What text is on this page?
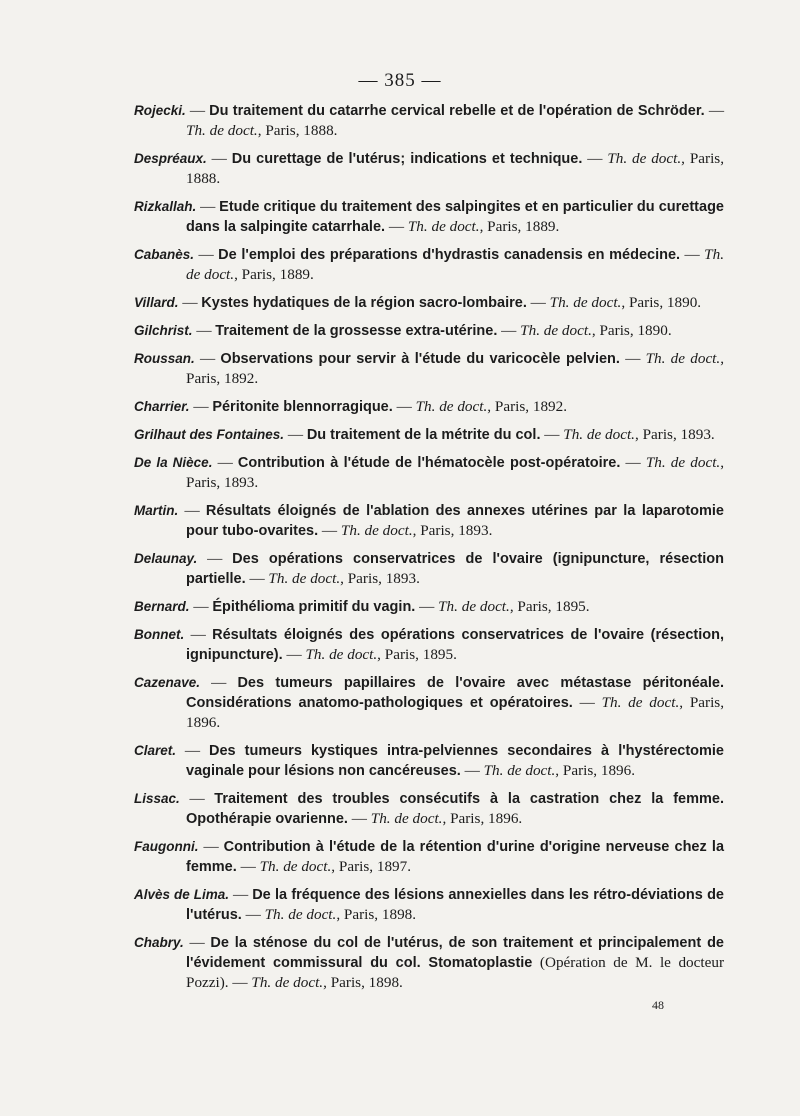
— 385 —
Rojecki. — Du traitement du catarrhe cervical rebelle et de l'opération de Schröder. — Th. de doct., Paris, 1888.
Despréaux. — Du curettage de l'utérus; indications et technique. — Th. de doct., Paris, 1888.
Rizkallah. — Etude critique du traitement des salpingites et en particulier du curettage dans la salpingite catarrhale. — Th. de doct., Paris, 1889.
Cabanès. — De l'emploi des préparations d'hydrastis canadensis en médecine. — Th. de doct., Paris, 1889.
Villard. — Kystes hydatiques de la région sacro-lombaire. — Th. de doct., Paris, 1890.
Gilchrist. — Traitement de la grossesse extra-utérine. — Th. de doct., Paris, 1890.
Roussan. — Observations pour servir à l'étude du varicocèle pelvien. — Th. de doct., Paris, 1892.
Charrier. — Péritonite blennorragique. — Th. de doct., Paris, 1892.
Grilhaut des Fontaines. — Du traitement de la métrite du col. — Th. de doct., Paris, 1893.
De la Nièce. — Contribution à l'étude de l'hématocèle post-opératoire. — Th. de doct., Paris, 1893.
Martin. — Résultats éloignés de l'ablation des annexes utérines par la laparotomie pour tubo-ovarites. — Th. de doct., Paris, 1893.
Delaunay. — Des opérations conservatrices de l'ovaire (ignipuncture, résection partielle. — Th. de doct., Paris, 1893.
Bernard. — Épithélioma primitif du vagin. — Th. de doct., Paris, 1895.
Bonnet. — Résultats éloignés des opérations conservatrices de l'ovaire (résection, ignipuncture). — Th. de doct., Paris, 1895.
Cazenave. — Des tumeurs papillaires de l'ovaire avec métastase péritonéale. Considérations anatomo-pathologiques et opératoires. — Th. de doct., Paris, 1896.
Claret. — Des tumeurs kystiques intra-pelviennes secondaires à l'hystérectomie vaginale pour lésions non cancéreuses. — Th. de doct., Paris, 1896.
Lissac. — Traitement des troubles consécutifs à la castration chez la femme. Opothérapie ovarienne. — Th. de doct., Paris, 1896.
Faugonni. — Contribution à l'étude de la rétention d'urine d'origine nerveuse chez la femme. — Th. de doct., Paris, 1897.
Alvès de Lima. — De la fréquence des lésions annexielles dans les rétro-déviations de l'utérus. — Th. de doct., Paris, 1898.
Chabry. — De la sténose du col de l'utérus, de son traitement et principalement de l'évidement commissural du col. Stomatoplastie (Opération de M. le docteur Pozzi). — Th. de doct., Paris, 1898.
48
